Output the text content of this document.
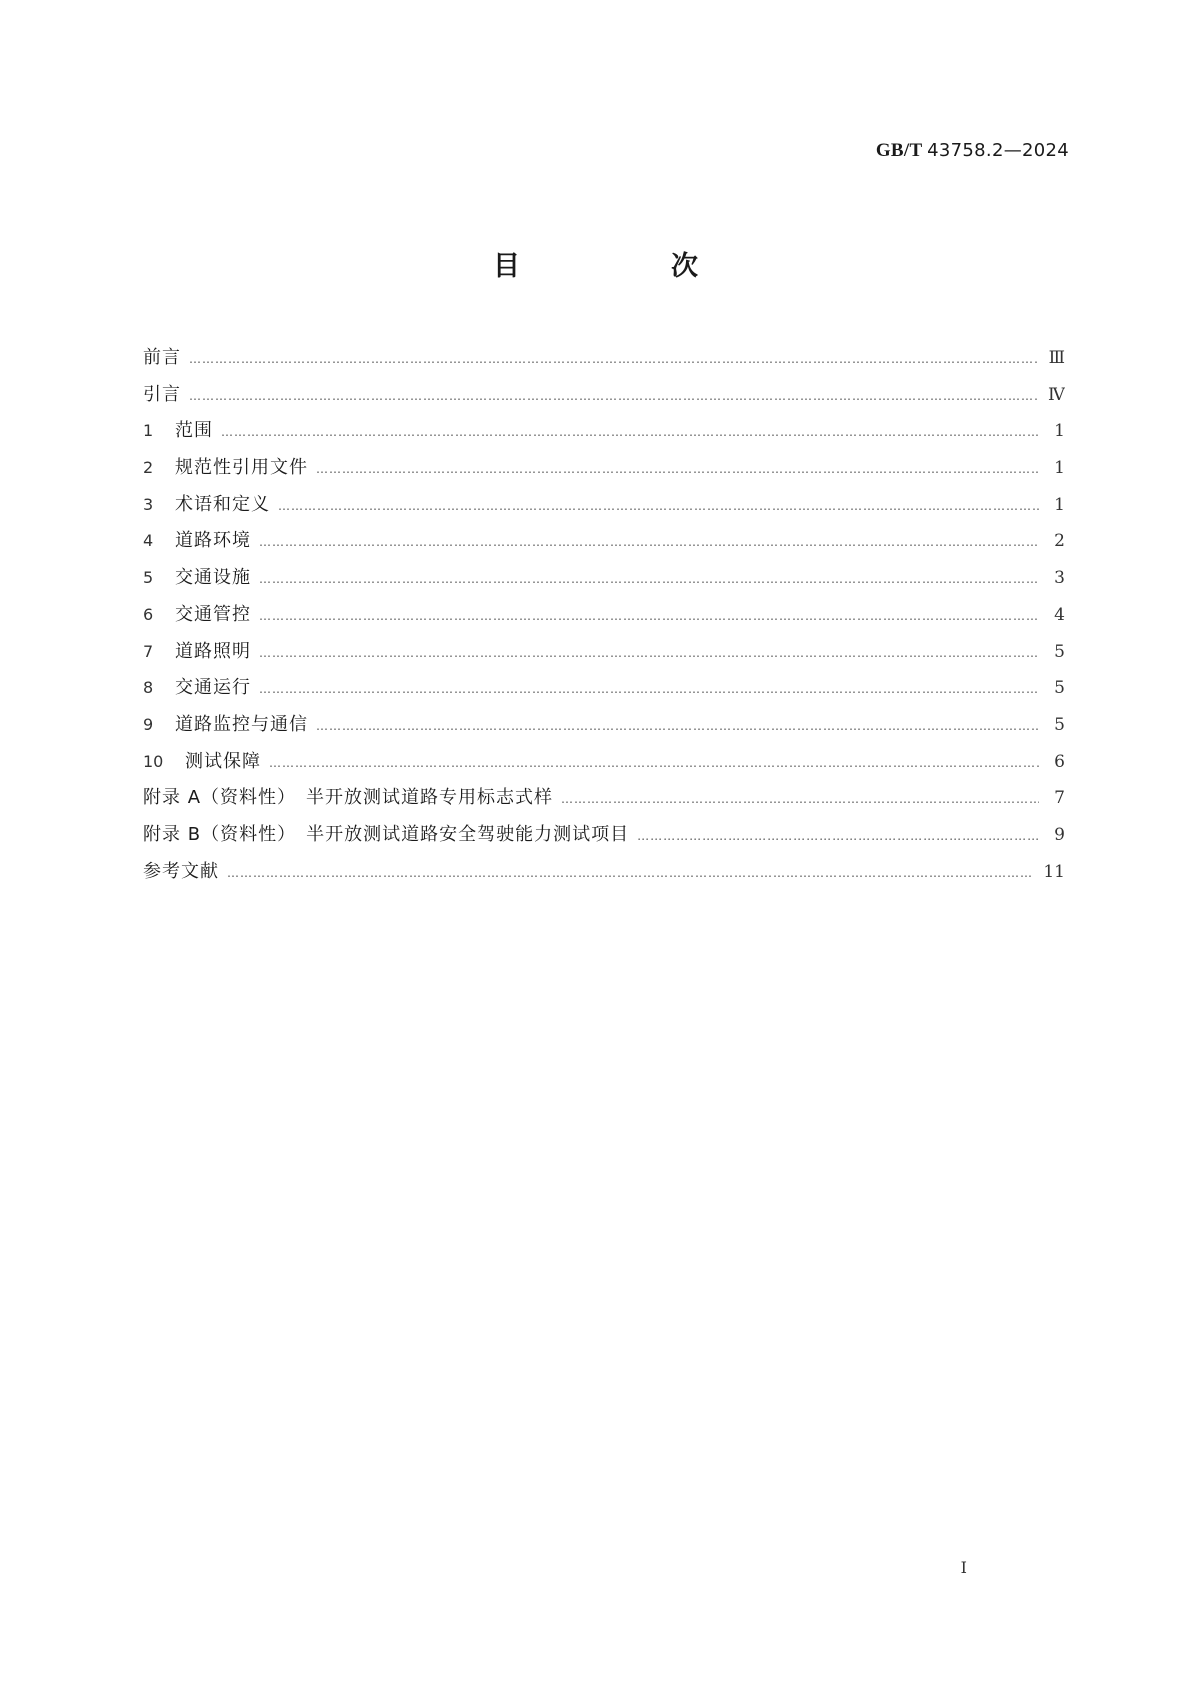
GB/T 43758.2—2024
目　次
前言 …………………………………………………………………………………………………………………………………………………………………………………………………………………………………………	Ⅲ
引言 …………………………………………………………………………………………………………………………………………………………………………………………………………………………………………	Ⅳ
1	范围 …………………………………………………………………………………………………………………………………………………………………………………………………………………………………………	1
2	规范性引用文件 …………………………………………………………………………………………………………………………………………………………………………………………………………………………………………	1
3	术语和定义 …………………………………………………………………………………………………………………………………………………………………………………………………………………………………………	1
4	道路环境 …………………………………………………………………………………………………………………………………………………………………………………………………………………………………………	2
5	交通设施 …………………………………………………………………………………………………………………………………………………………………………………………………………………………………………	3
6	交通管控 …………………………………………………………………………………………………………………………………………………………………………………………………………………………………………	4
7	道路照明 …………………………………………………………………………………………………………………………………………………………………………………………………………………………………………	5
8	交通运行 …………………………………………………………………………………………………………………………………………………………………………………………………………………………………………	5
9	道路监控与通信 …………………………………………………………………………………………………………………………………………………………………………………………………………………………………………	5
10	测试保障 …………………………………………………………………………………………………………………………………………………………………………………………………………………………………………	6
附录 A（资料性）　半开放测试道路专用标志式样 …………………………………………………………………………………………………………………………………………………………………………………………………………………………………………	7
附录 B（资料性）　半开放测试道路安全驾驶能力测试项目 …………………………………………………………………………………………………………………………………………………………………………………………………………………………………………	9
参考文献 …………………………………………………………………………………………………………………………………………………………………………………………………………………………………………	11
I
